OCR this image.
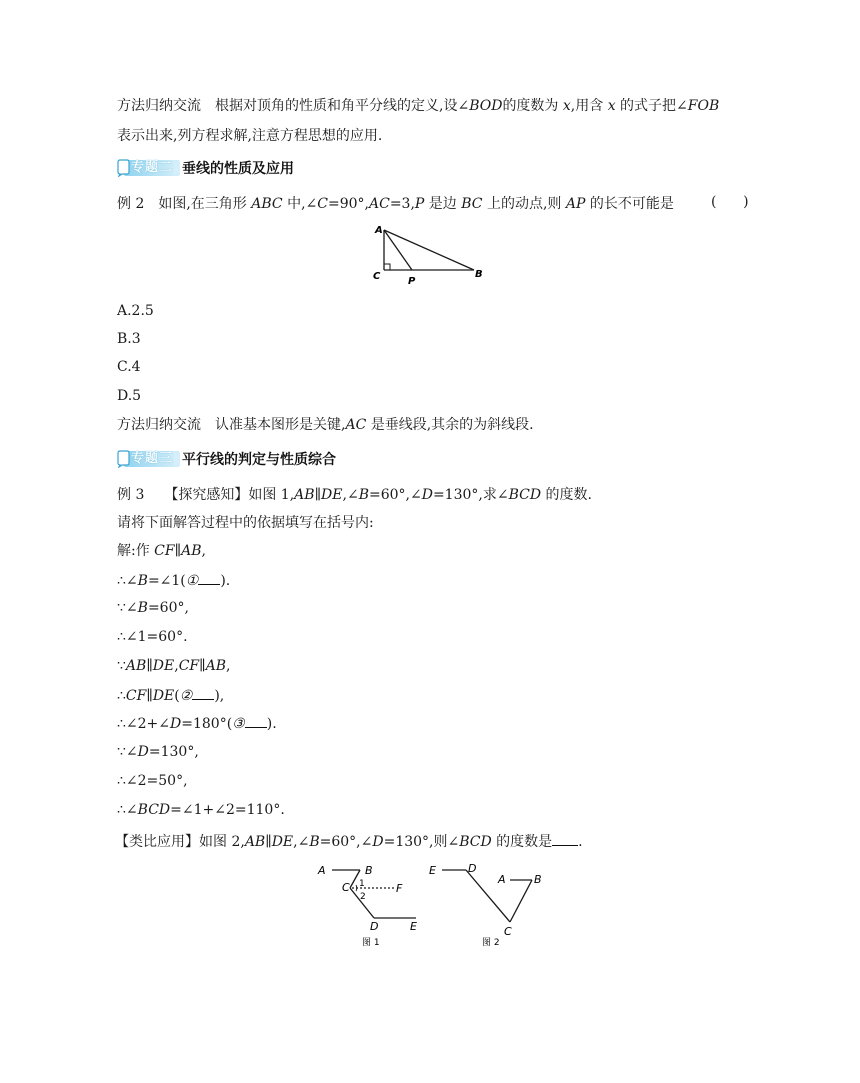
方法归纳交流 根据对顶角的性质和角平分线的定义,设∠BOD的度数为 x,用含 x 的式子把∠FOB
表示出来,列方程求解,注意方程思想的应用.
专题二 垂线的性质及应用
例 2 如图,在三角形 ABC 中,∠C=90°,AC=3,P 是边 BC 上的动点,则 AP 的长不可能是	(      )
A
C	P
B
A.2.5
B.3
C.4
D.5
方法归纳交流 认准基本图形是关键,AC 是垂线段,其余的为斜线段.
专题三 平行线的判定与性质综合
例 3 【探究感知】如图 1,AB∥DE,∠B=60°,∠D=130°,求∠BCD 的度数.
请将下面解答过程中的依据填写在括号内:
解:作 CF∥AB,
∴∠B=∠1(① ).
∵∠B=60°,
∴∠1=60°.
∵AB∥DE,CF∥AB,
∴CF∥DE(② ),
∴∠2+∠D=180°(③ ).
∵∠D=130°,
∴∠2=50°,
∴∠BCD=∠1+∠2=110°.
【类比应用】如图 2,AB∥DE,∠B=60°,∠D=130°,则∠BCD 的度数是 .
A	B
C 1
2
F
D	E
图 1
E	D
A	B
C
图 2
